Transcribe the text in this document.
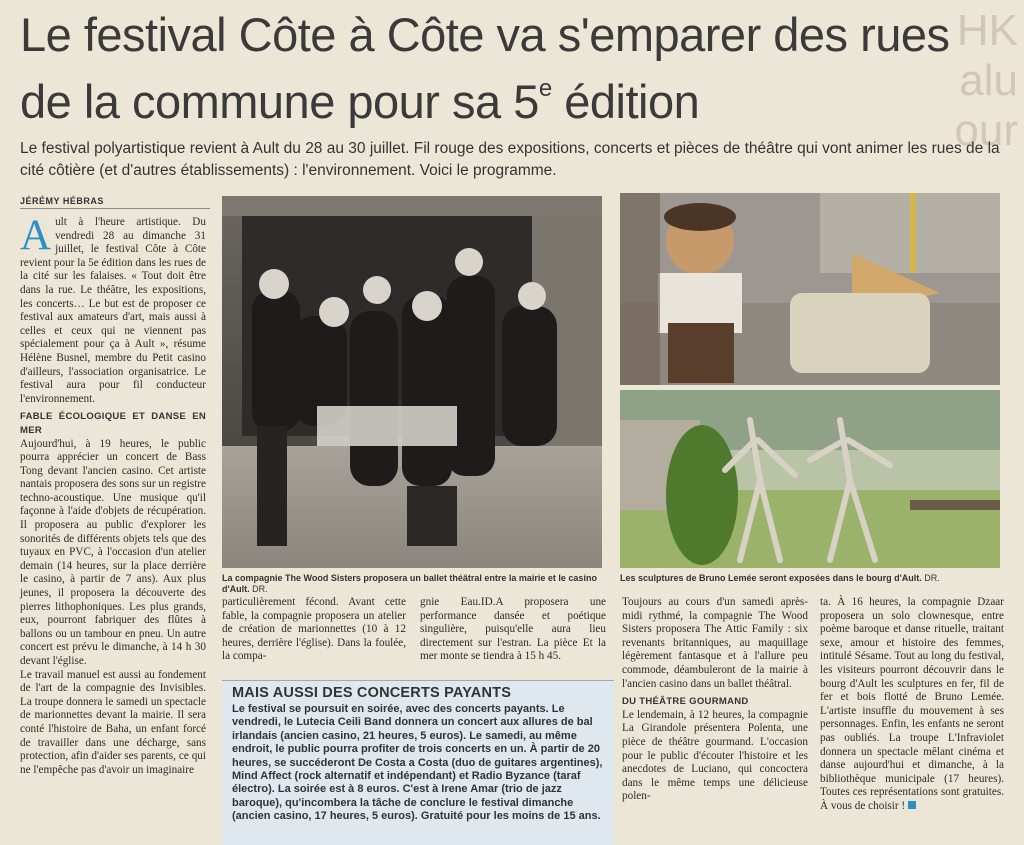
HK
alu
our
Le festival Côte à Côte va s'emparer des rues de la commune pour sa 5e édition

Le festival polyartistique revient à Ault du 28 au 30 juillet. Fil rouge des expositions, concerts et pièces de théâtre qui vont animer les rues de la cité côtière (et d'autres établissements) : l'environnement. Voici le programme.

JÉRÉMY HÉBRAS

Ault à l'heure artistique. Du vendredi 28 au dimanche 31 juillet, le festival Côte à Côte revient pour la 5e édition dans les rues de la cité sur les falaises. « Tout doit être dans la rue. Le théâtre, les expositions, les concerts… Le but est de proposer ce festival aux amateurs d'art, mais aussi à celles et ceux qui ne viennent pas spécialement pour ça à Ault », résume Hélène Busnel, membre du Petit casino d'ailleurs, l'association organisatrice. Le festival aura pour fil conducteur l'environnement.

FABLE ÉCOLOGIQUE ET DANSE EN MER

Aujourd'hui, à 19 heures, le public pourra apprécier un concert de Bass Tong devant l'ancien casino. Cet artiste nantais proposera des sons sur un registre techno-acoustique. Une musique qu'il façonne à l'aide d'objets de récupération. Il proposera au public d'explorer les sonorités de différents objets tels que des tuyaux en PVC, à l'occasion d'un atelier demain (14 heures, sur la place derrière le casino, à partir de 7 ans). Aux plus jeunes, il proposera la découverte des pierres lithophoniques. Les plus grands, eux, pourront fabriquer des flûtes à ballons ou un tambour en pneu. Un autre concert est prévu le dimanche, à 14 h 30 devant l'église.

Le travail manuel est aussi au fondement de l'art de la compagnie des Invisibles. La troupe donnera le samedi un spectacle de marionnettes devant la mairie. Il sera conté l'histoire de Baha, un enfant forcé de travailler dans une décharge, sans protection, afin d'aider ses parents, ce qui ne l'empêche pas d'avoir un imaginaire

La compagnie The Wood Sisters proposera un ballet théâtral entre la mairie et le casino d'Ault. DR.
Les sculptures de Bruno Lemée seront exposées dans le bourg d'Ault. DR.

particulièrement fécond. Avant cette fable, la compagnie proposera un atelier de création de marionnettes (10 à 12 heures, derrière l'église). Dans la foulée, la compa-

gnie Eau.ID.A proposera une performance dansée et poétique singulière, puisqu'elle aura lieu directement sur l'estran. La pièce Et la mer monte se tiendra à 15 h 45.

MAIS AUSSI DES CONCERTS PAYANTS

Le festival se poursuit en soirée, avec des concerts payants. Le vendredi, le Lutecia Ceili Band donnera un concert aux allures de bal irlandais (ancien casino, 21 heures, 5 euros). Le samedi, au même endroit, le public pourra profiter de trois concerts en un. À partir de 20 heures, se succéderont De Costa a Costa (duo de guitares argentines), Mind Affect (rock alternatif et indépendant) et Radio Byzance (taraf électro). La soirée est à 8 euros. C'est à Irene Amar (trio de jazz baroque), qu'incombera la tâche de conclure le festival dimanche (ancien casino, 17 heures, 5 euros). Gratuité pour les moins de 15 ans.

Toujours au cours d'un samedi après-midi rythmé, la compagnie The Wood Sisters proposera The Attic Family : six revenants britanniques, au maquillage légèrement fantasque et à l'allure peu commode, déambuleront de la mairie à l'ancien casino dans un ballet théâtral.

DU THÉÂTRE GOURMAND

Le lendemain, à 12 heures, la compagnie La Girandole présentera Polenta, une pièce de théâtre gourmand. L'occasion pour le public d'écouter l'histoire et les anecdotes de Luciano, qui concoctera dans le même temps une délicieuse polen-

ta. À 16 heures, la compagnie Dzaar proposera un solo clownesque, entre poème baroque et danse rituelle, traitant sexe, amour et histoire des femmes, intitulé Sésame. Tout au long du festival, les visiteurs pourront découvrir dans le bourg d'Ault les sculptures en fer, fil de fer et bois flotté de Bruno Lemée. L'artiste insuffle du mouvement à ses personnages. Enfin, les enfants ne seront pas oubliés. La troupe L'Infraviolet donnera un spectacle mêlant cinéma et danse aujourd'hui et dimanche, à la bibliothèque municipale (17 heures). Toutes ces représentations sont gratuites. À vous de choisir !
